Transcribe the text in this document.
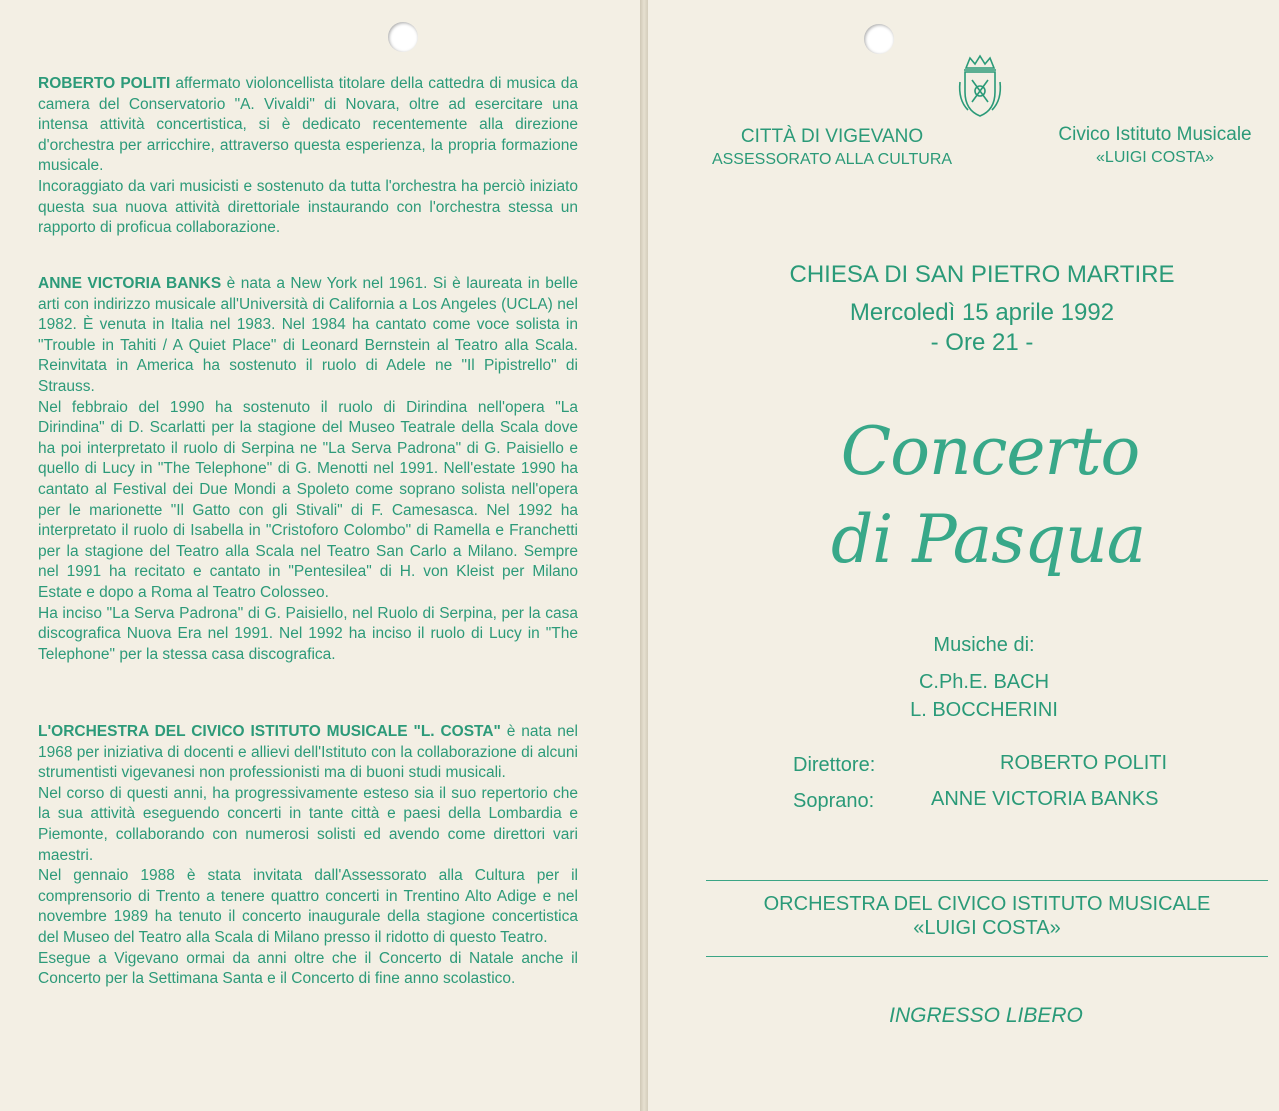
ROBERTO POLITI affermato violoncellista titolare della cattedra di musica da camera del Conservatorio "A. Vivaldi" di Novara, oltre ad esercitare una intensa attività concertistica, si è dedicato recentemente alla direzione d'orchestra per arricchire, attraverso questa esperienza, la propria formazione musicale.

Incoraggiato da vari musicisti e sostenuto da tutta l'orchestra ha perciò iniziato questa sua nuova attività direttoriale instaurando con l'orchestra stessa un rapporto di proficua collaborazione.

ANNE VICTORIA BANKS è nata a New York nel 1961. Si è laureata in belle arti con indirizzo musicale all'Università di California a Los Angeles (UCLA) nel 1982. È venuta in Italia nel 1983. Nel 1984 ha cantato come voce solista in "Trouble in Tahiti / A Quiet Place" di Leonard Bernstein al Teatro alla Scala. Reinvitata in America ha sostenuto il ruolo di Adele ne "Il Pipistrello" di Strauss.

Nel febbraio del 1990 ha sostenuto il ruolo di Dirindina nell'opera "La Dirindina" di D. Scarlatti per la stagione del Museo Teatrale della Scala dove ha poi interpretato il ruolo di Serpina ne "La Serva Padrona" di G. Paisiello e quello di Lucy in "The Telephone" di G. Menotti nel 1991. Nell'estate 1990 ha cantato al Festival dei Due Mondi a Spoleto come soprano solista nell'opera per le marionette "Il Gatto con gli Stivali" di F. Camesasca. Nel 1992 ha interpretato il ruolo di Isabella in "Cristoforo Colombo" di Ramella e Franchetti per la stagione del Teatro alla Scala nel Teatro San Carlo a Milano. Sempre nel 1991 ha recitato e cantato in "Pentesilea" di H. von Kleist per Milano Estate e dopo a Roma al Teatro Colosseo.

Ha inciso "La Serva Padrona" di G. Paisiello, nel Ruolo di Serpina, per la casa discografica Nuova Era nel 1991. Nel 1992 ha inciso il ruolo di Lucy in "The Telephone" per la stessa casa discografica.

L'ORCHESTRA DEL CIVICO ISTITUTO MUSICALE "L. COSTA" è nata nel 1968 per iniziativa di docenti e allievi dell'Istituto con la collaborazione di alcuni strumentisti vigevanesi non professionisti ma di buoni studi musicali.

Nel corso di questi anni, ha progressivamente esteso sia il suo repertorio che la sua attività eseguendo concerti in tante città e paesi della Lombardia e Piemonte, collaborando con numerosi solisti ed avendo come direttori vari maestri.

Nel gennaio 1988 è stata invitata dall'Assessorato alla Cultura per il comprensorio di Trento a tenere quattro concerti in Trentino Alto Adige e nel novembre 1989 ha tenuto il concerto inaugurale della stagione concertistica del Museo del Teatro alla Scala di Milano presso il ridotto di questo Teatro.

Esegue a Vigevano ormai da anni oltre che il Concerto di Natale anche il Concerto per la Settimana Santa e il Concerto di fine anno scolastico.

CITTÀ DI VIGEVANO
ASSESSORATO ALLA CULTURA
Civico Istituto Musicale
«LUIGI COSTA»
CHIESA DI SAN PIETRO MARTIRE
Mercoledì 15 aprile 1992
- Ore 21 -
Concerto
di Pasqua
Musiche di:
C.Ph.E. BACH
L. BOCCHERINI
Direttore:	ROBERTO POLITI
Soprano:	ANNE VICTORIA BANKS
ORCHESTRA DEL CIVICO ISTITUTO MUSICALE
«LUIGI COSTA»
INGRESSO LIBERO
